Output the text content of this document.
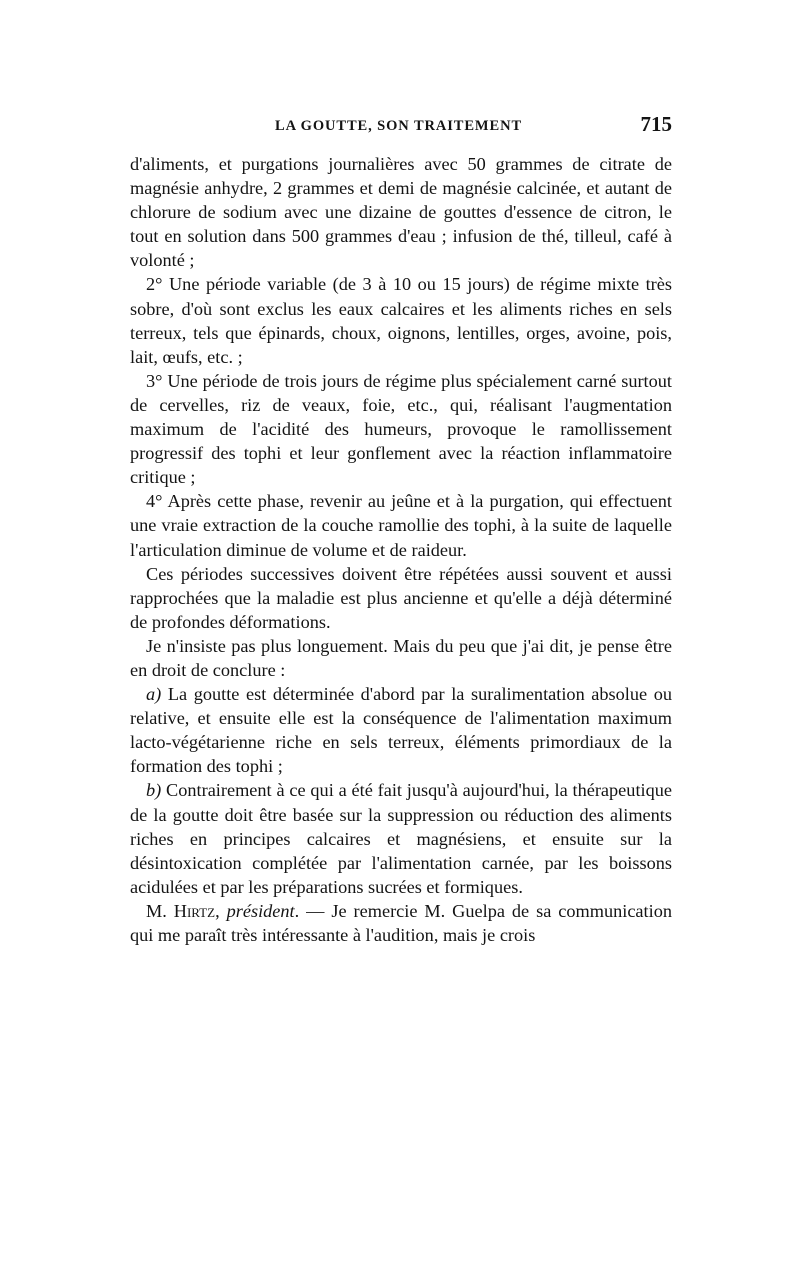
LA GOUTTE, SON TRAITEMENT	715

d'aliments, et purgations journalières avec 50 grammes de citrate de magnésie anhydre, 2 grammes et demi de magnésie calcinée, et autant de chlorure de sodium avec une dizaine de gouttes d'essence de citron, le tout en solution dans 500 grammes d'eau ; infusion de thé, tilleul, café à volonté ;

2° Une période variable (de 3 à 10 ou 15 jours) de régime mixte très sobre, d'où sont exclus les eaux calcaires et les aliments riches en sels terreux, tels que épinards, choux, oignons, lentilles, orges, avoine, pois, lait, œufs, etc. ;

3° Une période de trois jours de régime plus spécialement carné surtout de cervelles, riz de veaux, foie, etc., qui, réalisant l'augmentation maximum de l'acidité des humeurs, provoque le ramollissement progressif des tophi et leur gonflement avec la réaction inflammatoire critique ;

4° Après cette phase, revenir au jeûne et à la purgation, qui effectuent une vraie extraction de la couche ramollie des tophi, à la suite de laquelle l'articulation diminue de volume et de raideur.

Ces périodes successives doivent être répétées aussi souvent et aussi rapprochées que la maladie est plus ancienne et qu'elle a déjà déterminé de profondes déformations.

Je n'insiste pas plus longuement. Mais du peu que j'ai dit, je pense être en droit de conclure :

a) La goutte est déterminée d'abord par la suralimentation absolue ou relative, et ensuite elle est la conséquence de l'alimentation maximum lacto-végétarienne riche en sels terreux, éléments primordiaux de la formation des tophi ;

b) Contrairement à ce qui a été fait jusqu'à aujourd'hui, la thérapeutique de la goutte doit être basée sur la suppression ou réduction des aliments riches en principes calcaires et magnésiens, et ensuite sur la désintoxication complétée par l'alimentation carnée, par les boissons acidulées et par les préparations sucrées et formiques.

M. Hirtz, président. — Je remercie M. Guelpa de sa communication qui me paraît très intéressante à l'audition, mais je crois
